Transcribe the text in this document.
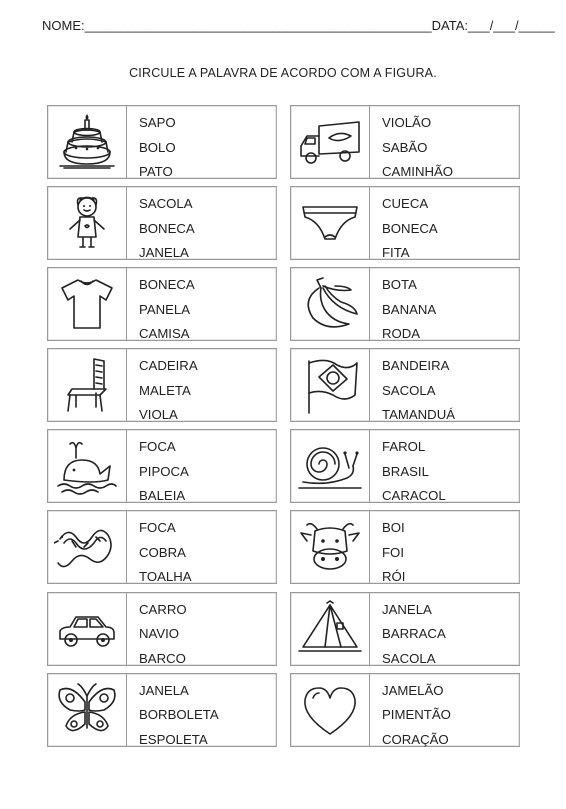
NOME:________________________________________________DATA:___/___/_____
CIRCULE A PALAVRA DE ACORDO COM A FIGURA.
SAPO
BOLO
PATO
SACOLA
BONECA
JANELA
BONECA
PANELA
CAMISA
CADEIRA
MALETA
VIOLA
FOCA
PIPOCA
BALEIA
FOCA
COBRA
TOALHA
CARRO
NAVIO
BARCO
JANELA
BORBOLETA
ESPOLETA
VIOLÃO
SABÃO
CAMINHÃO
CUECA
BONECA
FITA
BOTA
BANANA
RODA
BANDEIRA
SACOLA
TAMANDUÁ
FAROL
BRASIL
CARACOL
BOI
FOI
RÓI
JANELA
BARRACA
SACOLA
JAMELÃO
PIMENTÃO
CORAÇÃO
